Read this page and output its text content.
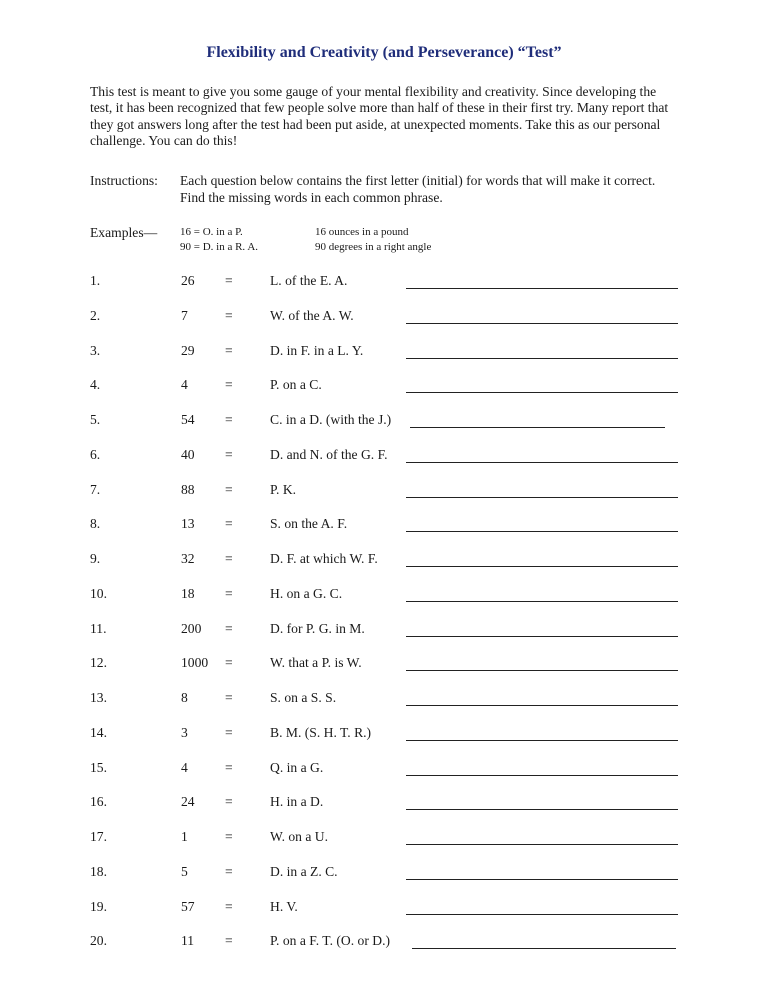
Flexibility and Creativity (and Perseverance) “Test”
This test is meant to give you some gauge of your mental flexibility and creativity. Since developing the test, it has been recognized that few people solve more than half of these in their first try. Many report that they got answers long after the test had been put aside, at unexpected moments. Take this as our personal challenge. You can do this!
Instructions: Each question below contains the first letter (initial) for words that will make it correct. Find the missing words in each common phrase.
Examples— 16 = O. in a P.	16 ounces in a pound
90 = D. in a R. A.	90 degrees in a right angle
1.	26 =	L. of the E. A.
2.	7	=	W. of the A. W.
3.	29 =	D. in F. in a L. Y.
4.	4	=	P. on a C.
5.	54 =	C. in a D. (with the J.)
6.	40 =	D. and N. of the G. F.
7.	88 =	P. K.
8.	13 =	S. on the A. F.
9.	32 =	D. F. at which W. F.
10.	18 =	H. on a G. C.
11.	200 =	D. for P. G. in M.
12.	1000 =	W. that a P. is W.
13.	8	=	S. on a S. S.
14.	3	=	B. M. (S. H. T. R.)
15.	4	=	Q. in a G.
16.	24 =	H. in a D.
17.	1	=	W. on a U.
18.	5	=	D. in a Z. C.
19.	57 =	H. V.
20.	11 =	P. on a F. T. (O. or D.)
